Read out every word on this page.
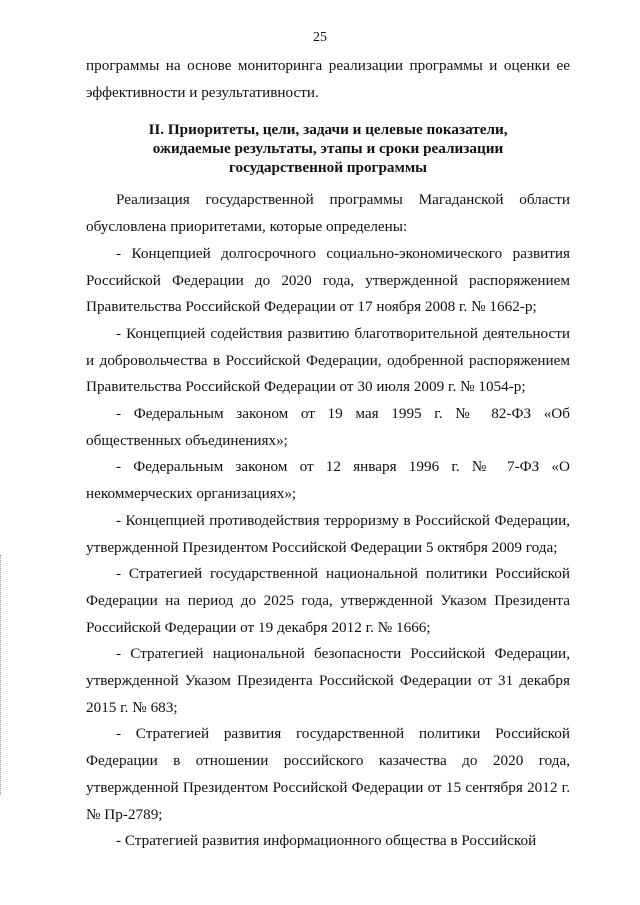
25

программы на основе мониторинга реализации программы и оценки ее эффективности и результативности.

II. Приоритеты, цели, задачи и целевые показатели,
ожидаемые результаты, этапы и сроки реализации
государственной программы

Реализация государственной программы Магаданской области обусловлена приоритетами, которые определены:

- Концепцией долгосрочного социально-экономического развития Российской Федерации до 2020 года, утвержденной распоряжением Правительства Российской Федерации от 17 ноября 2008 г. № 1662-р;

- Концепцией содействия развитию благотворительной деятельности и добровольчества в Российской Федерации, одобренной распоряжением Правительства Российской Федерации от 30 июля 2009 г. № 1054-р;

- Федеральным законом от 19 мая 1995 г. № 82-ФЗ «Об общественных объединениях»;

- Федеральным законом от 12 января 1996 г. № 7-ФЗ «О некоммерческих организациях»;

- Концепцией противодействия терроризму в Российской Федерации, утвержденной Президентом Российской Федерации 5 октября 2009 года;

- Стратегией государственной национальной политики Российской Федерации на период до 2025 года, утвержденной Указом Президента Российской Федерации от 19 декабря 2012 г. № 1666;

- Стратегией национальной безопасности Российской Федерации, утвержденной Указом Президента Российской Федерации от 31 декабря 2015 г. № 683;

- Стратегией развития государственной политики Российской Федерации в отношении российского казачества до 2020 года, утвержденной Президентом Российской Федерации от 15 сентября 2012 г. № Пр-2789;

- Стратегией развития информационного общества в Российской
